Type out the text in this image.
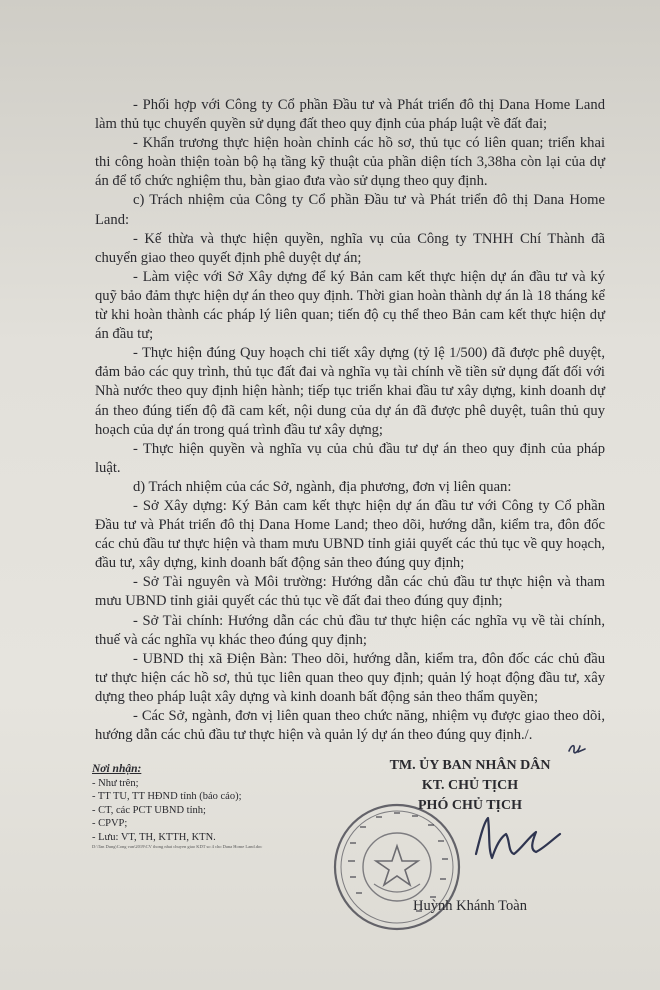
- Phối hợp với Công ty Cổ phần Đầu tư và Phát triển đô thị Dana Home Land làm thủ tục chuyển quyền sử dụng đất theo quy định của pháp luật về đất đai;

- Khẩn trương thực hiện hoàn chỉnh các hồ sơ, thủ tục có liên quan; triển khai thi công hoàn thiện toàn bộ hạ tầng kỹ thuật của phần diện tích 3,38ha còn lại của dự án để tổ chức nghiệm thu, bàn giao đưa vào sử dụng theo quy định.

c) Trách nhiệm của Công ty Cổ phần Đầu tư và Phát triển đô thị Dana Home Land:

- Kế thừa và thực hiện quyền, nghĩa vụ của Công ty TNHH Chí Thành đã chuyển giao theo quyết định phê duyệt dự án;

- Làm việc với Sở Xây dựng để ký Bản cam kết thực hiện dự án đầu tư và ký quỹ bảo đảm thực hiện dự án theo quy định. Thời gian hoàn thành dự án là 18 tháng kể từ khi hoàn thành các pháp lý liên quan; tiến độ cụ thể theo Bản cam kết thực hiện dự án đầu tư;

- Thực hiện đúng Quy hoạch chi tiết xây dựng (tỷ lệ 1/500) đã được phê duyệt, đảm bảo các quy trình, thủ tục đất đai và nghĩa vụ tài chính về tiền sử dụng đất đối với Nhà nước theo quy định hiện hành; tiếp tục triển khai đầu tư xây dựng, kinh doanh dự án theo đúng tiến độ đã cam kết, nội dung của dự án đã được phê duyệt, tuân thủ quy hoạch của dự án trong quá trình đầu tư xây dựng;

- Thực hiện quyền và nghĩa vụ của chủ đầu tư dự án theo quy định của pháp luật.

d) Trách nhiệm của các Sở, ngành, địa phương, đơn vị liên quan:

- Sở Xây dựng: Ký Bản cam kết thực hiện dự án đầu tư với Công ty Cổ phần Đầu tư và Phát triển đô thị Dana Home Land; theo dõi, hướng dẫn, kiểm tra, đôn đốc các chủ đầu tư thực hiện và tham mưu UBND tỉnh giải quyết các thủ tục về quy hoạch, đầu tư, xây dựng, kinh doanh bất động sản theo đúng quy định;

- Sở Tài nguyên và Môi trường: Hướng dẫn các chủ đầu tư thực hiện và tham mưu UBND tỉnh giải quyết các thủ tục về đất đai theo đúng quy định;

- Sở Tài chính: Hướng dẫn các chủ đầu tư thực hiện các nghĩa vụ về tài chính, thuế và các nghĩa vụ khác theo đúng quy định;

- UBND thị xã Điện Bàn: Theo dõi, hướng dẫn, kiểm tra, đôn đốc các chủ đầu tư thực hiện các hồ sơ, thủ tục liên quan theo quy định; quản lý hoạt động đầu tư, xây dựng theo pháp luật xây dựng và kinh doanh bất động sản theo thẩm quyền;

- Các Sở, ngành, đơn vị liên quan theo chức năng, nhiệm vụ được giao theo dõi, hướng dẫn các chủ đầu tư thực hiện và quản lý dự án theo đúng quy định./.

Nơi nhận:
- Như trên;
- TT TU, TT HĐND tỉnh (báo cáo);
- CT, các PCT UBND tỉnh;
- CPVP;
- Lưu: VT, TH, KTTH, KTN.
D:\Tan Dung\Cong van\2019\CV thong nhat chuyen giao KDT so 4 cho Dana Home Land.doc
TM. ỦY BAN NHÂN DÂN
KT. CHỦ TỊCH
PHÓ CHỦ TỊCH
Huỳnh Khánh Toàn
